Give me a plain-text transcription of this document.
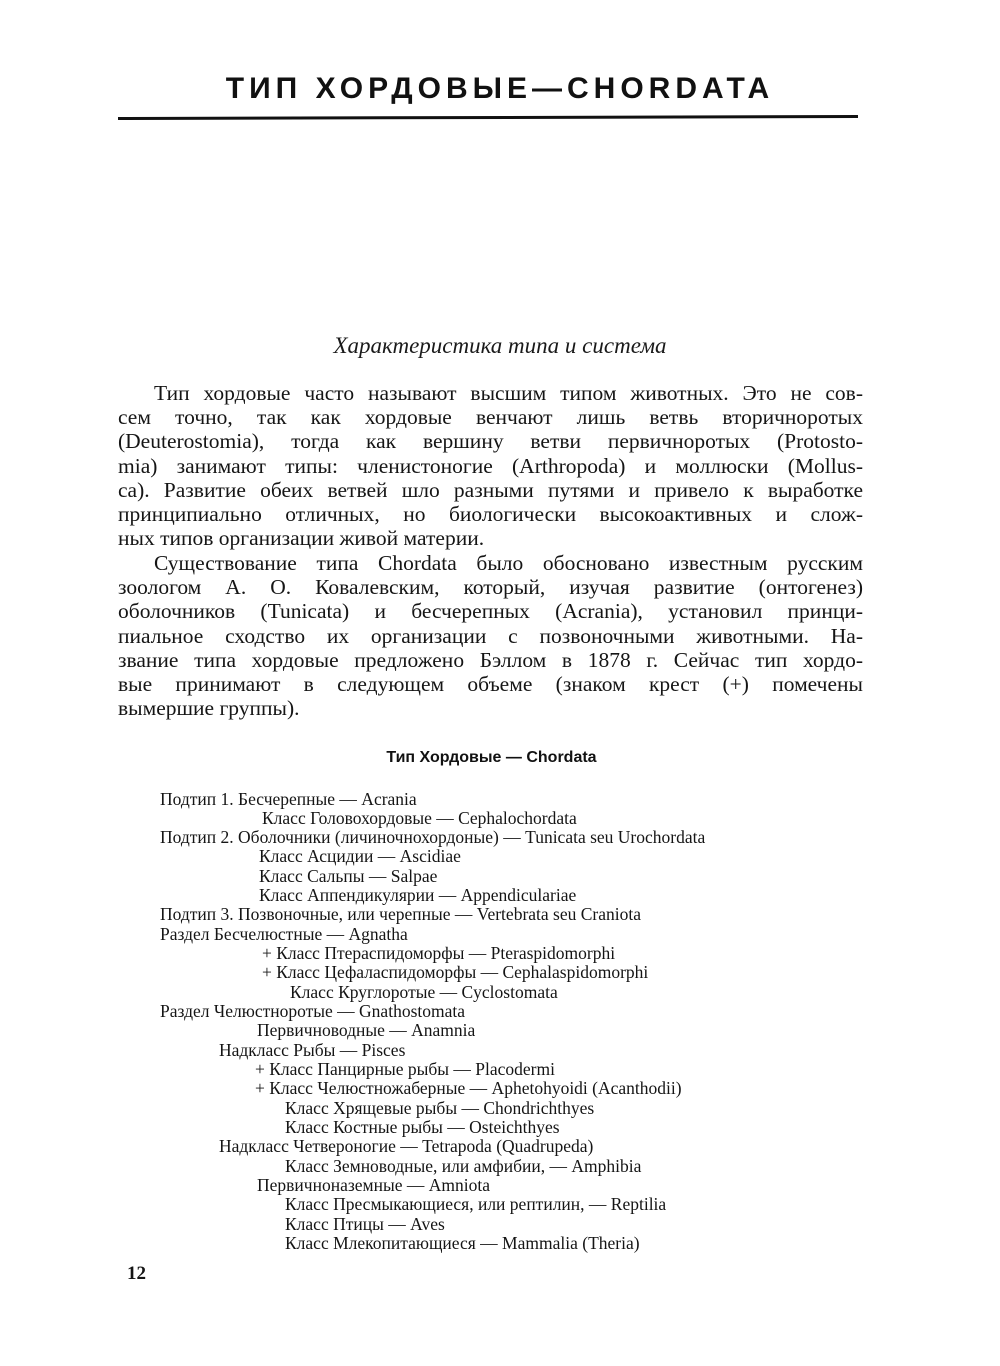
ТИП ХОРДОВЫЕ—CHORDATA
Характеристика типа и система
Тип хордовые часто называют высшим типом животных. Это не сов-
сем точно, так как хордовые венчают лишь ветвь вторичноротых
(Deuterostomia), тогда как вершину ветви первичноротых (Protosto-
mia) занимают типы: членистоногие (Arthropoda) и моллюски (Mollus-
ca). Развитие обеих ветвей шло разными путями и привело к выработке
принципиально отличных, но биологически высокоактивных и слож-
ных типов организации живой материи.
Существование типа Chordata было обосновано известным русским
зоологом А. О. Ковалевским, который, изучая развитие (онтогенез)
оболочников (Tunicata) и бесчерепных (Acrania), установил принци-
пиальное сходство их организации с позвоночными животными. На-
звание типа хордовые предложено Бэллом в 1878 г. Сейчас тип хордо-
вые принимают в следующем объеме (знаком крест (+) помечены
вымершие группы).
Тип Хордовые — Chordata
Подтип 1. Бесчерепные — Acrania
Класс Головохордовые — Cephalochordata
Подтип 2. Оболочники (личиночнохордоные) — Tunicata seu Urochordata
Класс Асцидии — Ascidiae
Класс Сальпы — Salpae
Класс Аппендикулярии — Appendiculariae
Подтип 3. Позвоночные, или черепные — Vertebrata seu Craniota
Раздел Бесчелюстные — Agnatha
+ Класс Птераспидоморфы — Pteraspidomorphi
+ Класс Цефаласпидоморфы — Cephalaspidomorphi
Класс Круглоротые — Cyclostomata
Раздел Челюстноротые — Gnathostomata
Первичноводные — Anamnia
Надкласс Рыбы — Pisces
+ Класс Панцирные рыбы — Placodermi
+ Класс Челюстножаберные — Aphetohyoidi (Acanthodii)
Класс Хрящевые рыбы — Chondrichthyes
Класс Костные рыбы — Osteichthyes
Надкласс Четвероногие — Tetrapoda (Quadrupeda)
Класс Земноводные, или амфибии, — Amphibia
Первичноназемные — Amniota
Класс Пресмыкающиеся, или рептилин, — Reptilia
Класс Птицы — Aves
Класс Млекопитающиеся — Mammalia (Theria)
12
